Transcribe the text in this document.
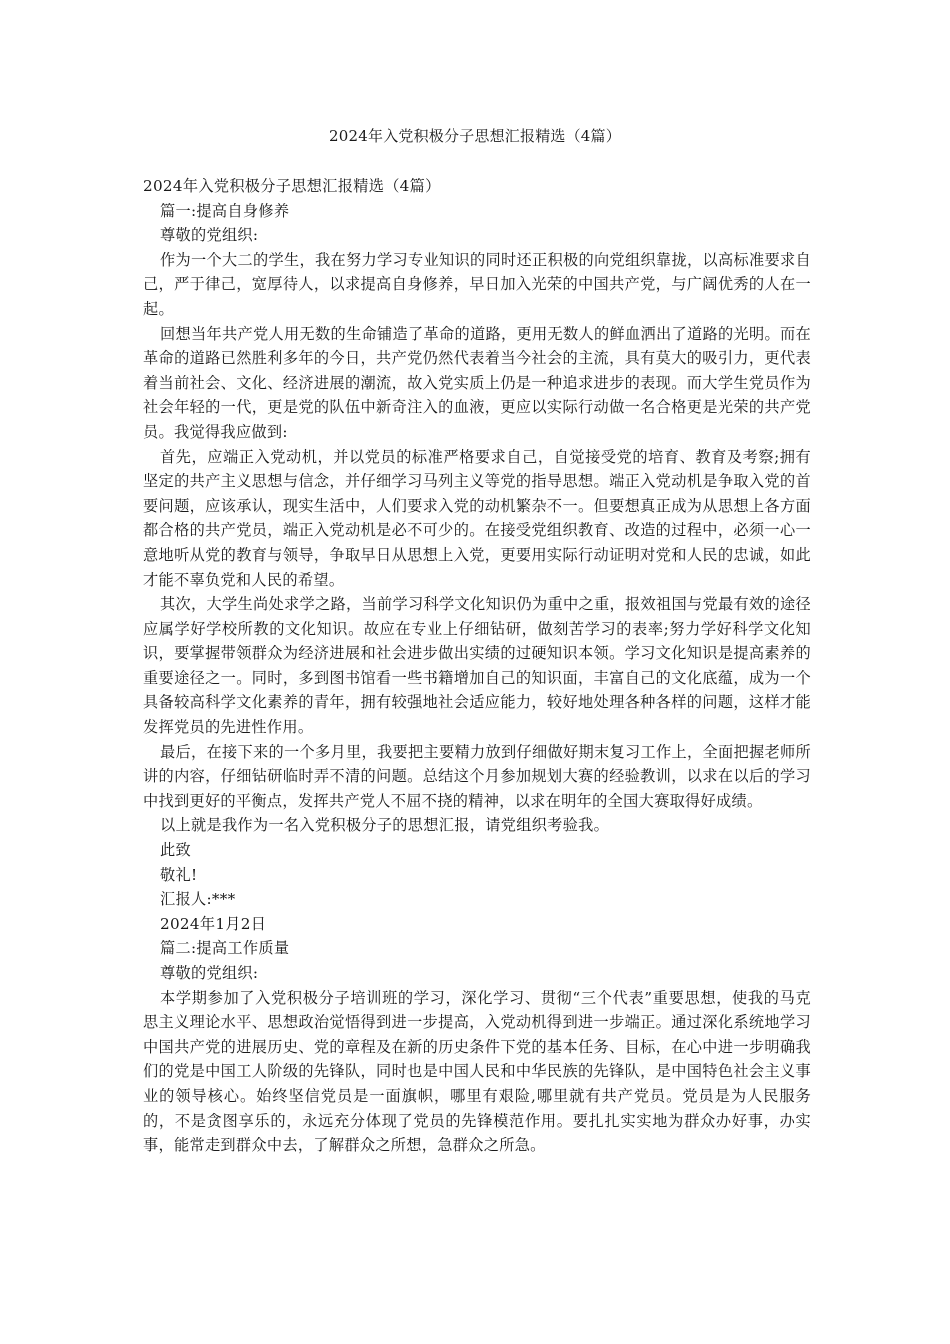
2024年入党积极分子思想汇报精选（4篇）

2024年入党积极分子思想汇报精选（4篇）

篇一:提高自身修养

尊敬的党组织:

作为一个大二的学生，我在努力学习专业知识的同时还正积极的向党组织靠拢，以高标准要求自己，严于律己，宽厚待人，以求提高自身修养，早日加入光荣的中国共产党，与广阔优秀的人在一起。

回想当年共产党人用无数的生命铺造了革命的道路，更用无数人的鲜血洒出了道路的光明。而在革命的道路已然胜利多年的今日，共产党仍然代表着当今社会的主流，具有莫大的吸引力，更代表着当前社会、文化、经济进展的潮流，故入党实质上仍是一种追求进步的表现。而大学生党员作为社会年轻的一代，更是党的队伍中新奇注入的血液，更应以实际行动做一名合格更是光荣的共产党员。我觉得我应做到:

首先，应端正入党动机，并以党员的标准严格要求自己，自觉接受党的培育、教育及考察;拥有坚定的共产主义思想与信念，并仔细学习马列主义等党的指导思想。端正入党动机是争取入党的首要问题，应该承认，现实生活中，人们要求入党的动机繁杂不一。但要想真正成为从思想上各方面都合格的共产党员，端正入党动机是必不可少的。在接受党组织教育、改造的过程中，必须一心一意地听从党的教育与领导，争取早日从思想上入党，更要用实际行动证明对党和人民的忠诚，如此才能不辜负党和人民的希望。

其次，大学生尚处求学之路，当前学习科学文化知识仍为重中之重，报效祖国与党最有效的途径应属学好学校所教的文化知识。故应在专业上仔细钻研，做刻苦学习的表率;努力学好科学文化知识，要掌握带领群众为经济进展和社会进步做出实绩的过硬知识本领。学习文化知识是提高素养的重要途径之一。同时，多到图书馆看一些书籍增加自己的知识面，丰富自己的文化底蕴，成为一个具备较高科学文化素养的青年，拥有较强地社会适应能力，较好地处理各种各样的问题，这样才能发挥党员的先进性作用。

最后，在接下来的一个多月里，我要把主要精力放到仔细做好期末复习工作上，全面把握老师所讲的内容，仔细钻研临时弄不清的问题。总结这个月参加规划大赛的经验教训，以求在以后的学习中找到更好的平衡点，发挥共产党人不屈不挠的精神，以求在明年的全国大赛取得好成绩。

以上就是我作为一名入党积极分子的思想汇报，请党组织考验我。

此致

敬礼!

汇报人:***

2024年1月2日

篇二:提高工作质量

尊敬的党组织:

本学期参加了入党积极分子培训班的学习，深化学习、贯彻“三个代表”重要思想，使我的马克思主义理论水平、思想政治觉悟得到进一步提高，入党动机得到进一步端正。通过深化系统地学习中国共产党的进展历史、党的章程及在新的历史条件下党的基本任务、目标，在心中进一步明确我们的党是中国工人阶级的先锋队，同时也是中国人民和中华民族的先锋队，是中国特色社会主义事业的领导核心。始终坚信党员是一面旗帜，哪里有艰险,哪里就有共产党员。党员是为人民服务的，不是贪图享乐的，永远充分体现了党员的先锋模范作用。要扎扎实实地为群众办好事，办实事，能常走到群众中去，了解群众之所想，急群众之所急。
